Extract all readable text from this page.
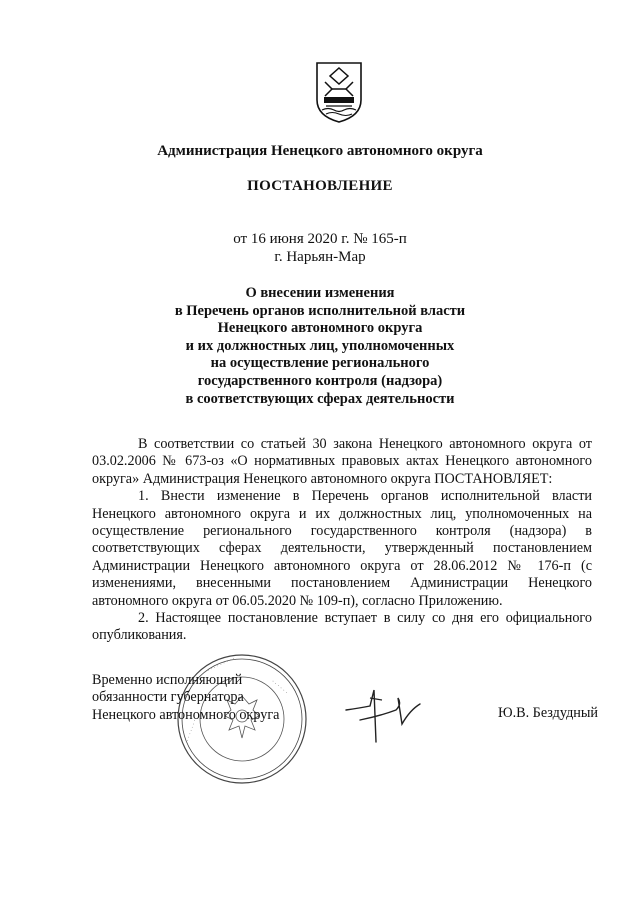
Администрация Ненецкого автономного округа
ПОСТАНОВЛЕНИЕ
от 16 июня 2020 г. № 165-п
г. Нарьян-Мар
О внесении изменения
в Перечень органов исполнительной власти
Ненецкого автономного округа
и их должностных лиц, уполномоченных
на осуществление регионального
государственного контроля (надзора)
в соответствующих сферах деятельности

В соответствии со статьей 30 закона Ненецкого автономного округа от 03.02.2006 № 673-оз «О нормативных правовых актах Ненецкого автономного округа» Администрация Ненецкого автономного округа ПОСТАНОВЛЯЕТ:

1. Внести изменение в Перечень органов исполнительной власти Ненецкого автономного округа и их должностных лиц, уполномоченных на осуществление регионального государственного контроля (надзора) в соответствующих сферах деятельности, утвержденный постановлением Администрации Ненецкого автономного округа от 28.06.2012 № 176-п (с изменениями, внесенными постановлением Администрации Ненецкого автономного округа от 06.05.2020 № 109-п), согласно Приложению.

2. Настоящее постановление вступает в силу со дня его официального опубликования.

· · · · · · · · · ·
· · · · · ·
· · · · · · ·
Временно исполняющий
обязанности губернатора
Ненецкого автономного округа	Ю.В. Бездудный
